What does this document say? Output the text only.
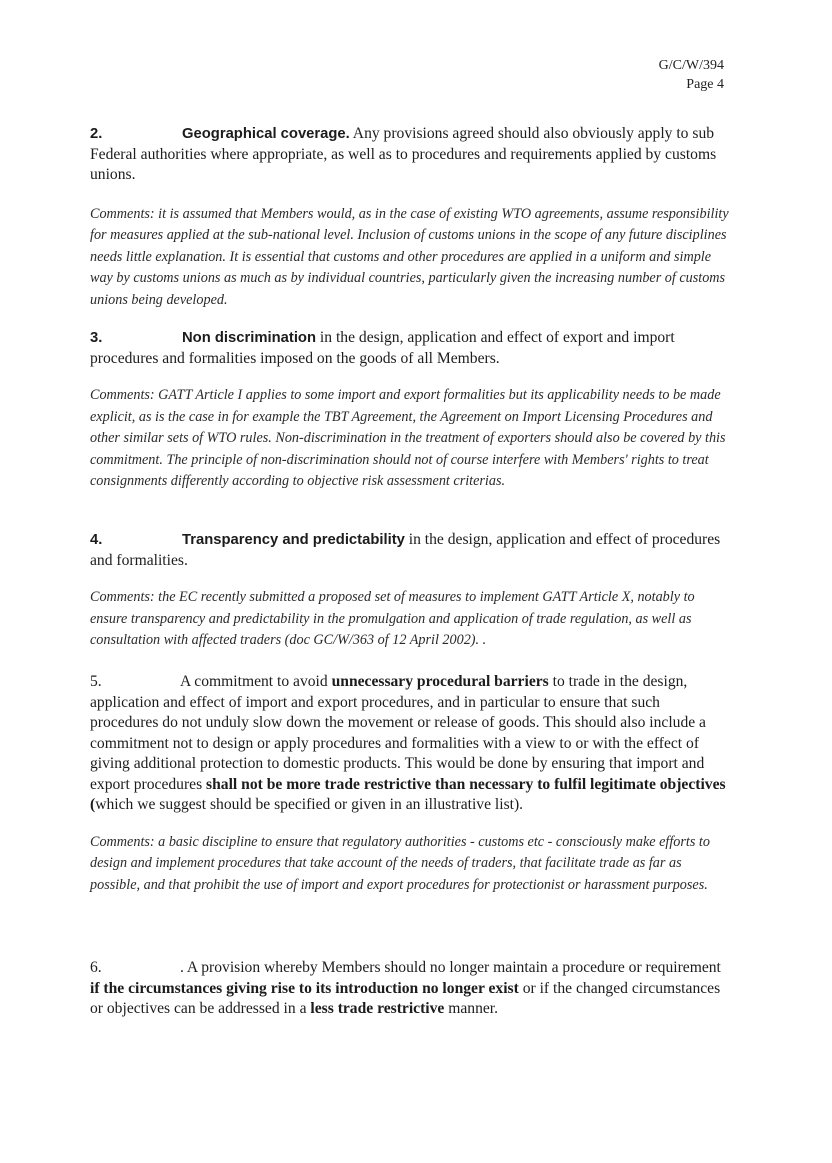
G/C/W/394
Page 4
2.	Geographical coverage. Any provisions agreed should also obviously apply to sub Federal authorities where appropriate, as well as to procedures and requirements applied by customs unions.
Comments: it is assumed that Members would, as in the case of existing WTO agreements, assume responsibility for measures applied at the sub-national level. Inclusion of customs unions in the scope of any future disciplines needs little explanation. It is essential that customs and other procedures are applied in a uniform and simple way by customs unions as much as by individual countries, particularly given the increasing number of customs unions being developed.
3.	Non discrimination in the design, application and effect of export and import procedures and formalities imposed on the goods of all Members.
Comments: GATT Article I applies to some import and export formalities but its applicability needs to be made explicit, as is the case in for example the TBT Agreement, the Agreement on Import Licensing Procedures and other similar sets of WTO rules. Non-discrimination in the treatment of exporters should also be covered by this commitment. The principle of non-discrimination should not of course interfere with Members' rights to treat consignments differently according to objective risk assessment criterias.
4.	Transparency and predictability in the design, application and effect of procedures and formalities.
Comments: the EC recently submitted a proposed set of measures to implement GATT Article X, notably to ensure transparency and predictability in the promulgation and application of trade regulation, as well as consultation with affected traders (doc GC/W/363 of 12 April 2002). .
5.	A commitment to avoid unnecessary procedural barriers to trade in the design, application and effect of import and export procedures, and in particular to ensure that such procedures do not unduly slow down the movement or release of goods. This should also include a commitment not to design or apply procedures and formalities with a view to or with the effect of giving additional protection to domestic products. This would be done by ensuring that import and export procedures shall not be more trade restrictive than necessary to fulfil legitimate objectives (which we suggest should be specified or given in an illustrative list).
Comments: a basic discipline to ensure that regulatory authorities - customs etc - consciously make efforts to design and implement procedures that take account of the needs of traders, that facilitate trade as far as possible, and that prohibit the use of import and export procedures for protectionist or harassment purposes.
6.	. A provision whereby Members should no longer maintain a procedure or requirement if the circumstances giving rise to its introduction no longer exist or if the changed circumstances or objectives can be addressed in a less trade restrictive manner.
